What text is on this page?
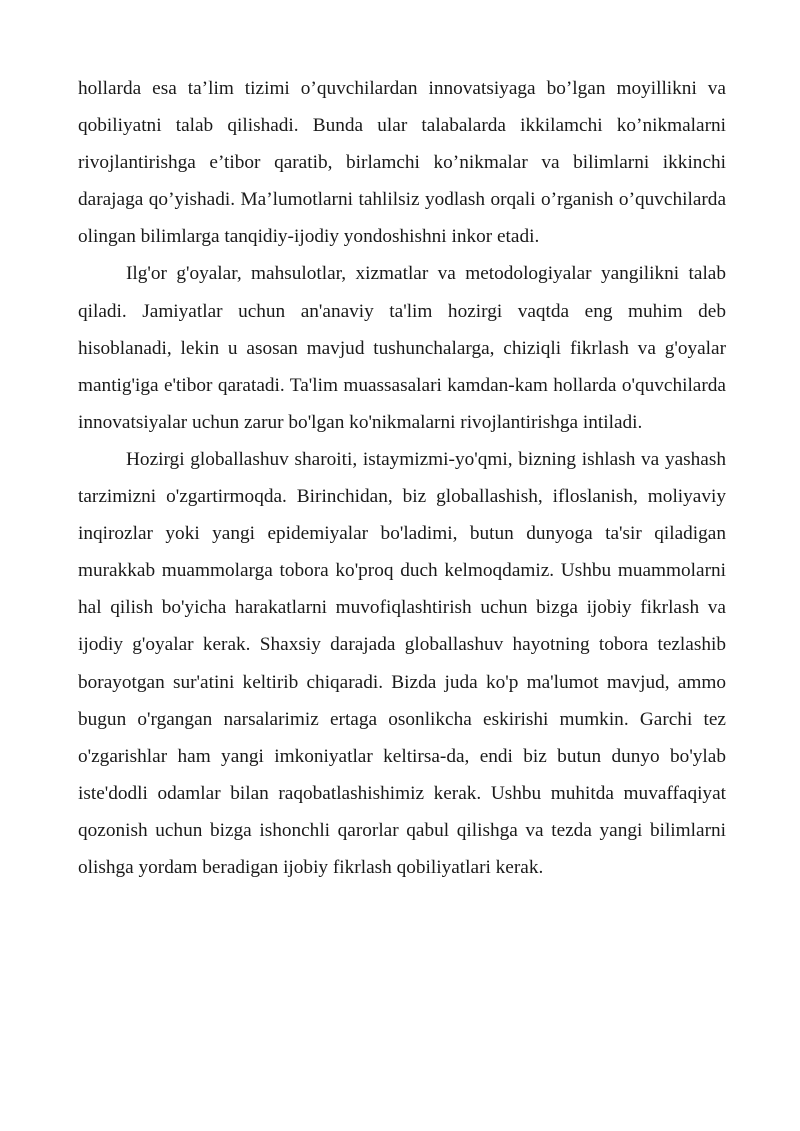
hollarda esa ta’lim tizimi o’quvchilardan innovatsiyaga bo’lgan moyillikni va qobiliyatni talab qilishadi. Bunda ular talabalarda ikkilamchi ko’nikmalarni rivojlantirishga e’tibor qaratib, birlamchi ko’nikmalar va bilimlarni ikkinchi darajaga qo’yishadi. Ma’lumotlarni tahlilsiz yodlash orqali o’rganish o’quvchilarda olingan bilimlarga tanqidiy-ijodiy yondoshishni inkor etadi.

Ilg'or g'oyalar, mahsulotlar, xizmatlar va metodologiyalar yangilikni talab qiladi. Jamiyatlar uchun an'anaviy ta'lim hozirgi vaqtda eng muhim deb hisoblanadi, lekin u asosan mavjud tushunchalarga, chiziqli fikrlash va g'oyalar mantig'iga e'tibor qaratadi. Ta'lim muassasalari kamdan-kam hollarda o'quvchilarda innovatsiyalar uchun zarur bo'lgan ko'nikmalarni rivojlantirishga intiladi.

Hozirgi globallashuv sharoiti, istaymizmi-yo'qmi, bizning ishlash va yashash tarzimizni o'zgartirmoqda. Birinchidan, biz globallashish, ifloslanish, moliyaviy inqirozlar yoki yangi epidemiyalar bo'ladimi, butun dunyoga ta'sir qiladigan murakkab muammolarga tobora ko'proq duch kelmoqdamiz. Ushbu muammolarni hal qilish bo'yicha harakatlarni muvofiqlashtirish uchun bizga ijobiy fikrlash va ijodiy g'oyalar kerak. Shaxsiy darajada globallashuv hayotning tobora tezlashib borayotgan sur'atini keltirib chiqaradi. Bizda juda ko'p ma'lumot mavjud, ammo bugun o'rgangan narsalarimiz ertaga osonlikcha eskirishi mumkin. Garchi tez o'zgarishlar ham yangi imkoniyatlar keltirsa-da, endi biz butun dunyo bo'ylab iste'dodli odamlar bilan raqobatlashishimiz kerak. Ushbu muhitda muvaffaqiyat qozonish uchun bizga ishonchli qarorlar qabul qilishga va tezda yangi bilimlarni olishga yordam beradigan ijobiy fikrlash qobiliyatlari kerak.
